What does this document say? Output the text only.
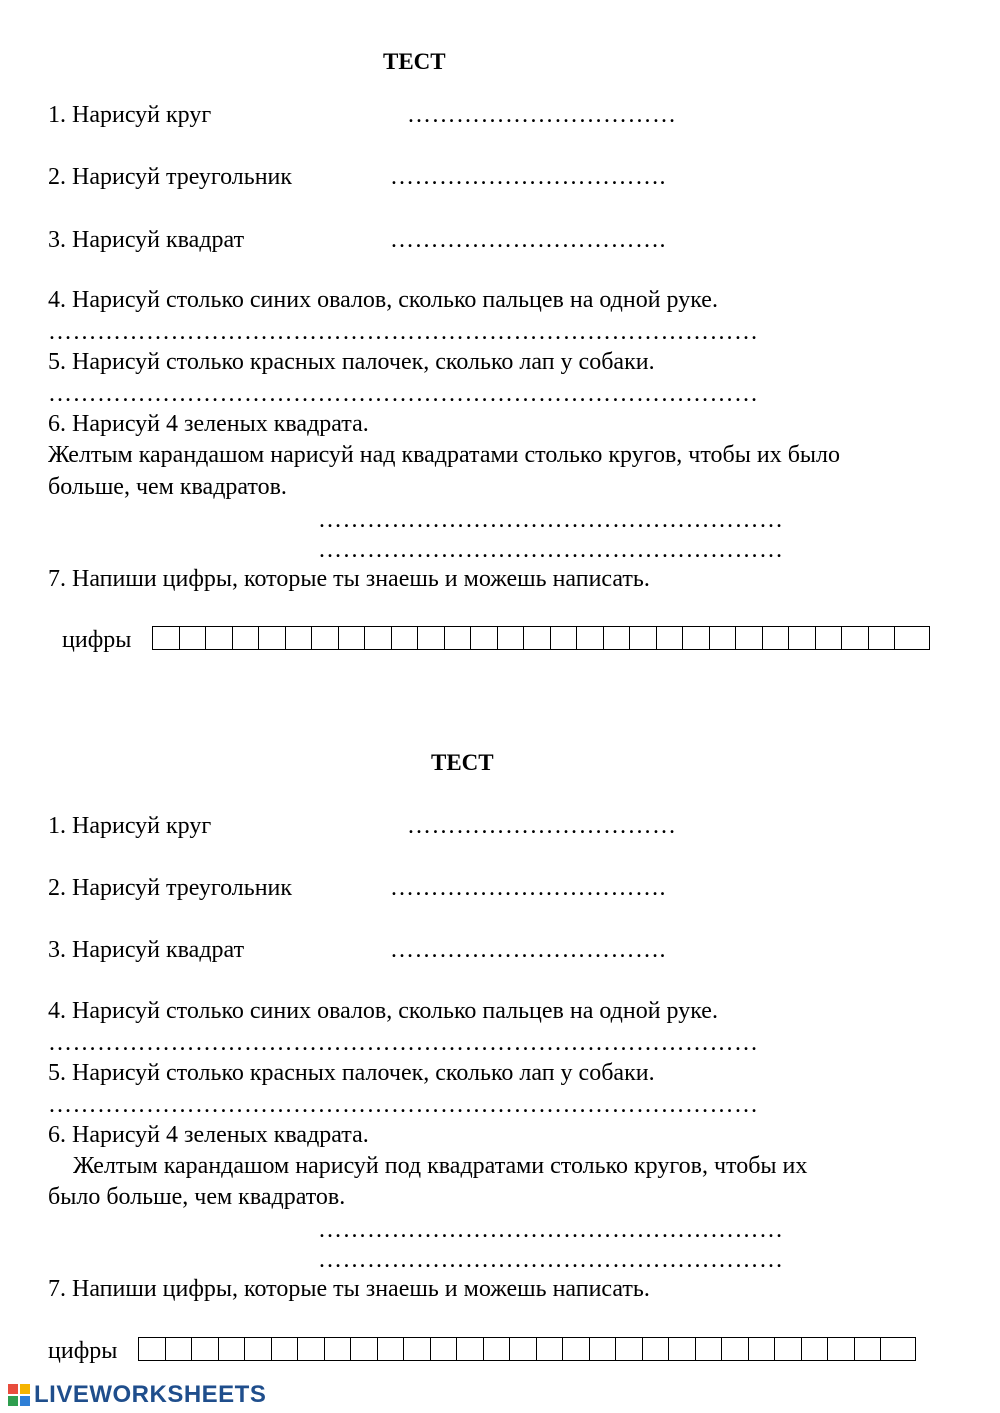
ТЕСТ
1. Нарисуй круг	……………………………
2. Нарисуй треугольник	…………………………….
3. Нарисуй квадрат	…………………………….
4. Нарисуй столько синих овалов, сколько пальцев на одной руке.
……………………………………………………………………………
5. Нарисуй столько красных палочек, сколько лап у собаки.
……………………………………………………………………………
6. Нарисуй 4 зеленых квадрата.
Желтым карандашом нарисуй над квадратами столько кругов, чтобы их было
больше, чем квадратов.
…………………………………………………
…………………………………………………
7. Напиши цифры, которые ты знаешь и можешь написать.
цифры
ТЕСТ
1. Нарисуй круг	……………………………
2. Нарисуй треугольник	…………………………….
3. Нарисуй квадрат	…………………………….
4. Нарисуй столько синих овалов, сколько пальцев на одной руке.
……………………………………………………………………………
5. Нарисуй столько красных палочек, сколько лап у собаки.
……………………………………………………………………………
6. Нарисуй 4 зеленых квадрата.
Желтым карандашом нарисуй под квадратами столько кругов, чтобы их
было больше, чем квадратов.
…………………………………………………
…………………………………………………
7. Напиши цифры, которые ты знаешь и можешь написать.
цифры
LIVEWORKSHEETS
